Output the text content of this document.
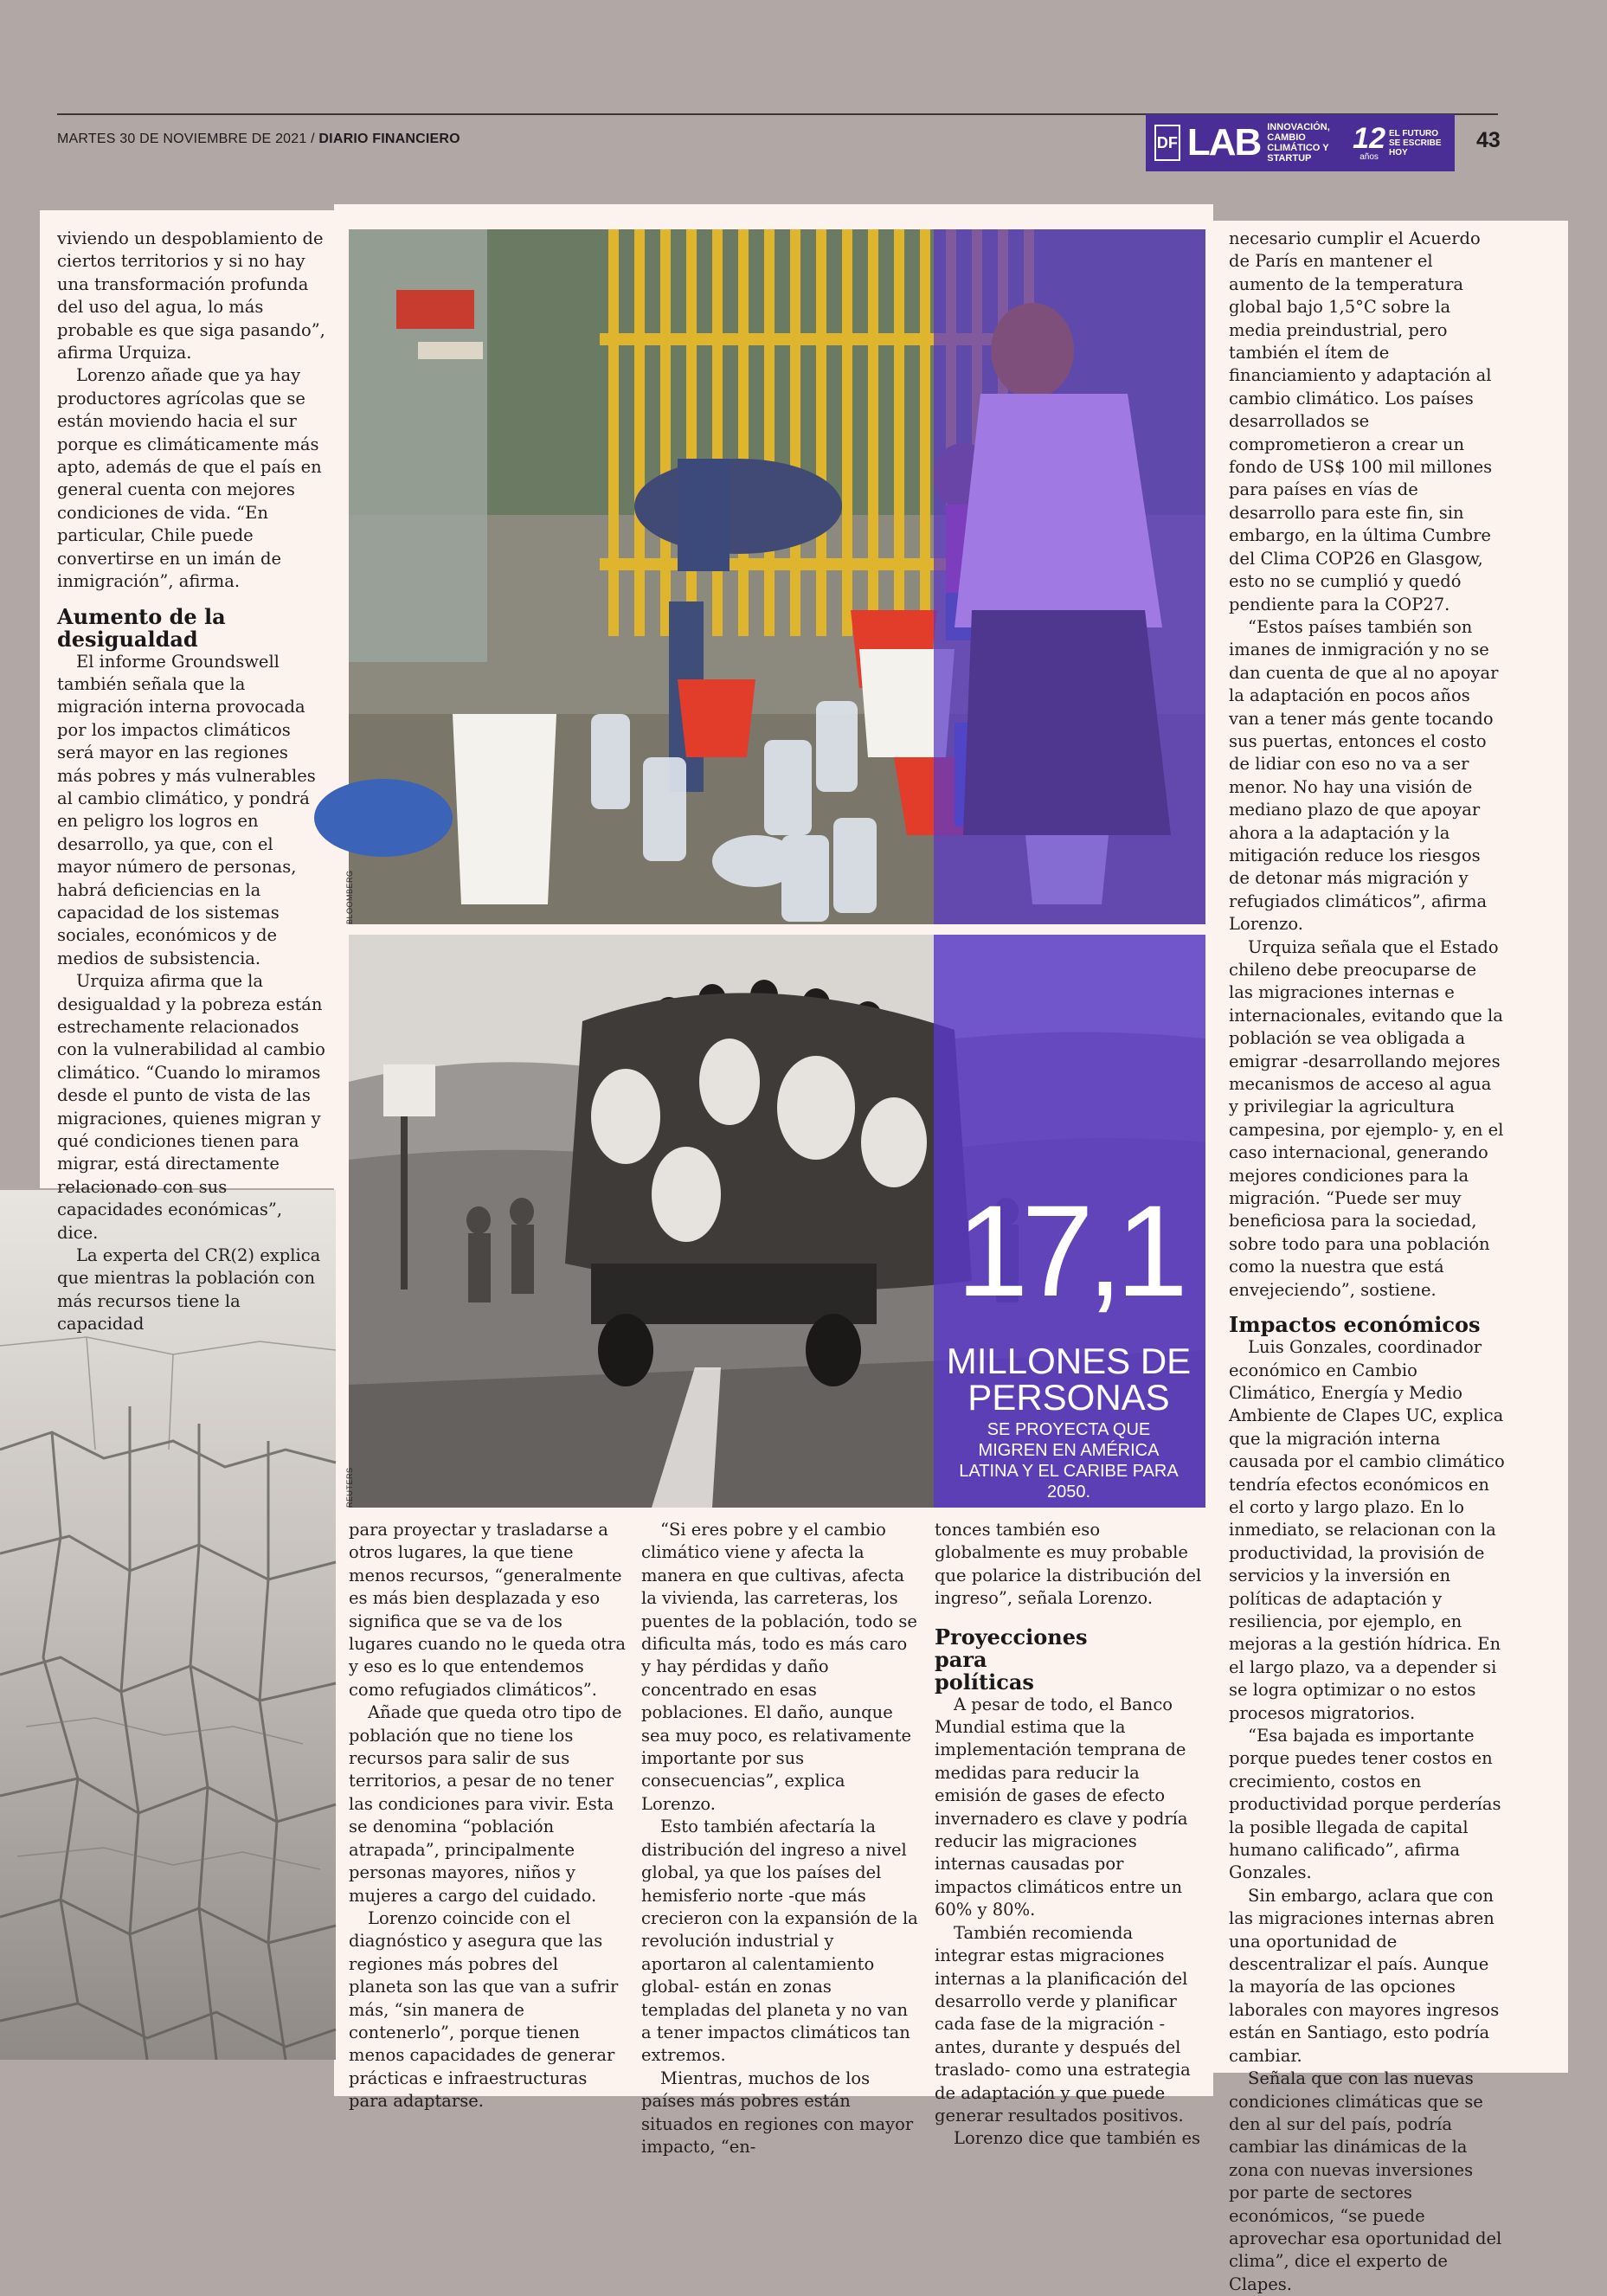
MARTES 30 DE NOVIEMBRE DE 2021 / DIARIO FINANCIERO	DF LAB INNOVACIÓN, CAMBIO CLIMÁTICO Y STARTUP
12
años
EL FUTURO SE ESCRIBE HOY	43
BLOOMBERG
REUTERS
17,1
MILLONES DE PERSONAS
SE PROYECTA QUE MIGREN EN AMÉRICA LATINA Y EL CARIBE PARA 2050.

viviendo un despoblamiento de ciertos territorios y si no hay una transformación profunda del uso del agua, lo más probable es que siga pasando”, afirma Urquiza.

Lorenzo añade que ya hay productores agrícolas que se están moviendo hacia el sur porque es climáticamente más apto, además de que el país en general cuenta con mejores condiciones de vida. “En particular, Chile puede convertirse en un imán de inmigración”, afirma.

Aumento de la desigualdad

El informe Groundswell también señala que la migración interna provocada por los impactos climáticos será mayor en las regiones más pobres y más vulnerables al cambio climático, y pondrá en peligro los logros en desarrollo, ya que, con el mayor número de personas, habrá deficiencias en la capacidad de los sistemas sociales, económicos y de medios de subsistencia.

Urquiza afirma que la desigualdad y la pobreza están estrechamente relacionados con la vulnerabilidad al cambio climático. “Cuando lo miramos desde el punto de vista de las migraciones, quienes migran y qué condiciones tienen para migrar, está directamente relacionado con sus capacidades económicas”, dice.

La experta del CR(2) explica que mientras la población con más recursos tiene la capacidad

para proyectar y trasladarse a otros lugares, la que tiene menos recursos, “generalmente es más bien desplazada y eso significa que se va de los lugares cuando no le queda otra y eso es lo que entendemos como refugiados climáticos”.

Añade que queda otro tipo de población que no tiene los recursos para salir de sus territorios, a pesar de no tener las condiciones para vivir. Esta se denomina “población atrapada”, principalmente personas mayores, niños y mujeres a cargo del cuidado.

Lorenzo coincide con el diagnóstico y asegura que las regiones más pobres del planeta son las que van a sufrir más, “sin manera de contenerlo”, porque tienen menos capacidades de generar prácticas e infraestructuras para adaptarse.

“Si eres pobre y el cambio climático viene y afecta la manera en que cultivas, afecta la vivienda, las carreteras, los puentes de la población, todo se dificulta más, todo es más caro y hay pérdidas y daño concentrado en esas poblaciones. El daño, aunque sea muy poco, es relativamente importante por sus consecuencias”, explica Lorenzo.

Esto también afectaría la distribución del ingreso a nivel global, ya que los países del hemisferio norte -que más crecieron con la expansión de la revolución industrial y aportaron al calentamiento global- están en zonas templadas del planeta y no van a tener impactos climáticos tan extremos.

Mientras, muchos de los países más pobres están situados en regiones con mayor impacto, “en-

tonces también eso globalmente es muy probable que polarice la distribución del ingreso”, señala Lorenzo.

Proyecciones para políticas

A pesar de todo, el Banco Mundial estima que la implementación temprana de medidas para reducir la emisión de gases de efecto invernadero es clave y podría reducir las migraciones internas causadas por impactos climáticos entre un 60% y 80%.

También recomienda integrar estas migraciones internas a la planificación del desarrollo verde y planificar cada fase de la migración -antes, durante y después del traslado- como una estrategia de adaptación y que puede generar resultados positivos.

Lorenzo dice que también es

necesario cumplir el Acuerdo de París en mantener el aumento de la temperatura global bajo 1,5°C sobre la media preindustrial, pero también el ítem de financiamiento y adaptación al cambio climático. Los países desarrollados se comprometieron a crear un fondo de US$ 100 mil millones para países en vías de desarrollo para este fin, sin embargo, en la última Cumbre del Clima COP26 en Glasgow, esto no se cumplió y quedó pendiente para la COP27.

“Estos países también son imanes de inmigración y no se dan cuenta de que al no apoyar la adaptación en pocos años van a tener más gente tocando sus puertas, entonces el costo de lidiar con eso no va a ser menor. No hay una visión de mediano plazo de que apoyar ahora a la adaptación y la mitigación reduce los riesgos de detonar más migración y refugiados climáticos”, afirma Lorenzo.

Urquiza señala que el Estado chileno debe preocuparse de las migraciones internas e internacionales, evitando que la población se vea obligada a emigrar -desarrollando mejores mecanismos de acceso al agua y privilegiar la agricultura campesina, por ejemplo- y, en el caso internacional, generando mejores condiciones para la migración. “Puede ser muy beneficiosa para la sociedad, sobre todo para una población como la nuestra que está envejeciendo”, sostiene.

Impactos económicos

Luis Gonzales, coordinador económico en Cambio Climático, Energía y Medio Ambiente de Clapes UC, explica que la migración interna causada por el cambio climático tendría efectos económicos en el corto y largo plazo. En lo inmediato, se relacionan con la productividad, la provisión de servicios y la inversión en políticas de adaptación y resiliencia, por ejemplo, en mejoras a la gestión hídrica. En el largo plazo, va a depender si se logra optimizar o no estos procesos migratorios.

“Esa bajada es importante porque puedes tener costos en crecimiento, costos en productividad porque perderías la posible llegada de capital humano calificado”, afirma Gonzales.

Sin embargo, aclara que con las migraciones internas abren una oportunidad de descentralizar el país. Aunque la mayoría de las opciones laborales con mayores ingresos están en Santiago, esto podría cambiar.

Señala que con las nuevas condiciones climáticas que se den al sur del país, podría cambiar las dinámicas de la zona con nuevas inversiones por parte de sectores económicos, “se puede aprovechar esa oportunidad del clima”, dice el experto de Clapes.
